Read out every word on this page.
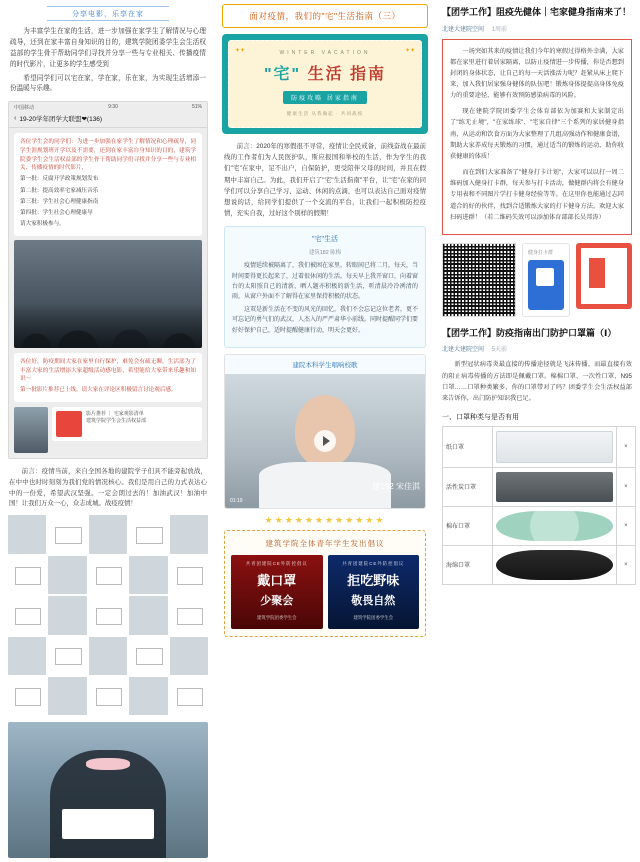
分享电影，乐享在家

为丰富学生在家的生活，进一步加强在家学生了解情况与心理疏导，还到在家丰富自身知识的目的，建筑学院团委学生会生活权益部的学生骨干帮助同学们寻找并分享一些与专业相关、传播疫情的时代影片，让更多的学生感受到

希望同学们可以宅在家，学在家，乐在家，为实现生活增添一份温暖与乐趣。

中国移动	9:30	51%
‹ 19-20学年团学大联盟❤(136)

各位学生会的同学们：为进一步加强在家学生了解情况和心理疏导，同学生涯规划班开学以及不需要，还到在家丰富自身知识的目的，建筑学院委学生会生活权益部的学生骨干帮助同学们寻找并分享一些与专业相关、传播疫情的时代影片，

第一批：反腐开学政策规划发布

第二批：提高效率宅家减压音乐

第三批：学生社会心理健康指南

第四批：学生社会心理健康导

请大家积极参与。

各位好，防疫期间大家在家里自行保护，难免会有疏无聊，生活部为了丰富大家的生活增添大家超级活动感电影，希望能给大家带来乐趣和知识～

第一批影片推荐已上线，请大家在评论区积极留言讨论观后感。

影片推荐 ｜ 宅家观影清单
建筑学院学生会生活权益部

前言：疫情当前，来自全国各地的建院学子们具不能旁起放战，在中中也时时刻刻为我们党的情况核心。我们是用自己的力式表达心中的一份爱，希望武汉坚强。一定会朗过去的！加油武汉！加油中国！让我们万众一心，众志成城。战疫疫情！

面对疫情，我们的"宅"生活指南（三）
✦✦	✦✦
WINTER VACATION
"宅" 生活 指南
防疫攻略 居家指南
健康生活 从我做起 · 共同战疫

前言：2020年的寒假很不寻常，疫情让全民戒备，前线奋战在最前线的工作者们为人民医护队，斯应报国和举校的生活，作为学生的我们"宅"在家中，足不出户，自保防护，更受陪伴父母的时间，并且在假期中丰富自己。为此，我们开启了"宅"生活指南"平台，让"宅"在家的同学们可以分享自己学习、运动、休闲的点滴，也可以表达自己面对疫情想说的话，给同学们提供了一个交流的平台，让我们一起积极防控疫情，充实自我，过好这个别样的假期！

"宅"生活
建筑182 陈梅

疫情延续被隔离了，我们被困在家里，转眼间已将二月，每天，当时间要得更长起来了，过着很休闲的生活。每天早上我开窗口，向着窗台的太阳照自己的清新，晒人题亦积极的新生活，听清晨冷冷冽清的雨，从窗户外面不了解得在家里保持积极的状态。

这双是新生活在不变的风光的回忆，我们不会忘记这位老者，更不可忘记的勇气们的武汉，人杰入的严严肃华小前线。同时提醒同学们要好好保护自己，适时提醒健康行动，明天会更好。

建院本科学生唱响校歌
01:19
建192 宋佳淇
★★★★★★★★★★★★
建筑学院全体青年学生发出倡议
共青团建院CE外防控倡议
戴口罩
少聚会
建筑学院团委学生会
共青团建院CE外防控倡议
拒吃野味
敬畏自然
建筑学院团委学生会
【团学工作】阻疫先健体｜宅家健身指南来了！
北建大建院空间 1周前

一场突如其来的疫情让我们今年的寒假过得格外幸满，大家都在家里进行着居家隔离，以防止疫情进一步传播，你是否想到封闭的身体状态，让自己的每一天活涨活力呢？赶紧从床上爬下来，加入我们居家强身健体的队伍吧！锻炼身体提提高身体免疫力的重要途径，能够有效预防感染病毒的风险。

现在建院学院团委学生会体育部依为加赛和大家制定出了"练无止境"，"在家练球"、"宅家自律"三个系列的家居健身指南，从运动和饮食方面为大家整理了几组高强动作和健康食谱，期助大家养成每天锻炼的习惯，通过适当的锻炼的运动，助你收获健康的体质！

而在到们大家准备了"健身打卡计划"，大家可以以打一周二维码加入健身打卡群，每天参与打卡活动，做健群内将会有健身专用表和不同图片学打卡健身经验等等。在这里你也能通过志同道合的好的伙伴，找到合适锻炼大家的打卡健身方法。欢迎大家扫码进群！（若二维码失效可以添加体育部部长吴邦涛）

健身打卡群
【团学工作】防疫指南出门防护口罩篇（Ⅰ）
北建大建院空间 5天前

新型冠状病毒炎最直接的传播途径就是飞沫传播。而最直接有效的阻止病毒传播的方法即是佩戴口罩。棉棉口罩、一次性口罩、N95口罩……口罩种类繁多，你的口罩带对了吗？团委学生会生活权益部来告诉你，出门防护知识我已足。

一、口罩种类与是否有用
纸口罩		×
活性炭口罩		×
棉布口罩		×
海绵口罩		×
